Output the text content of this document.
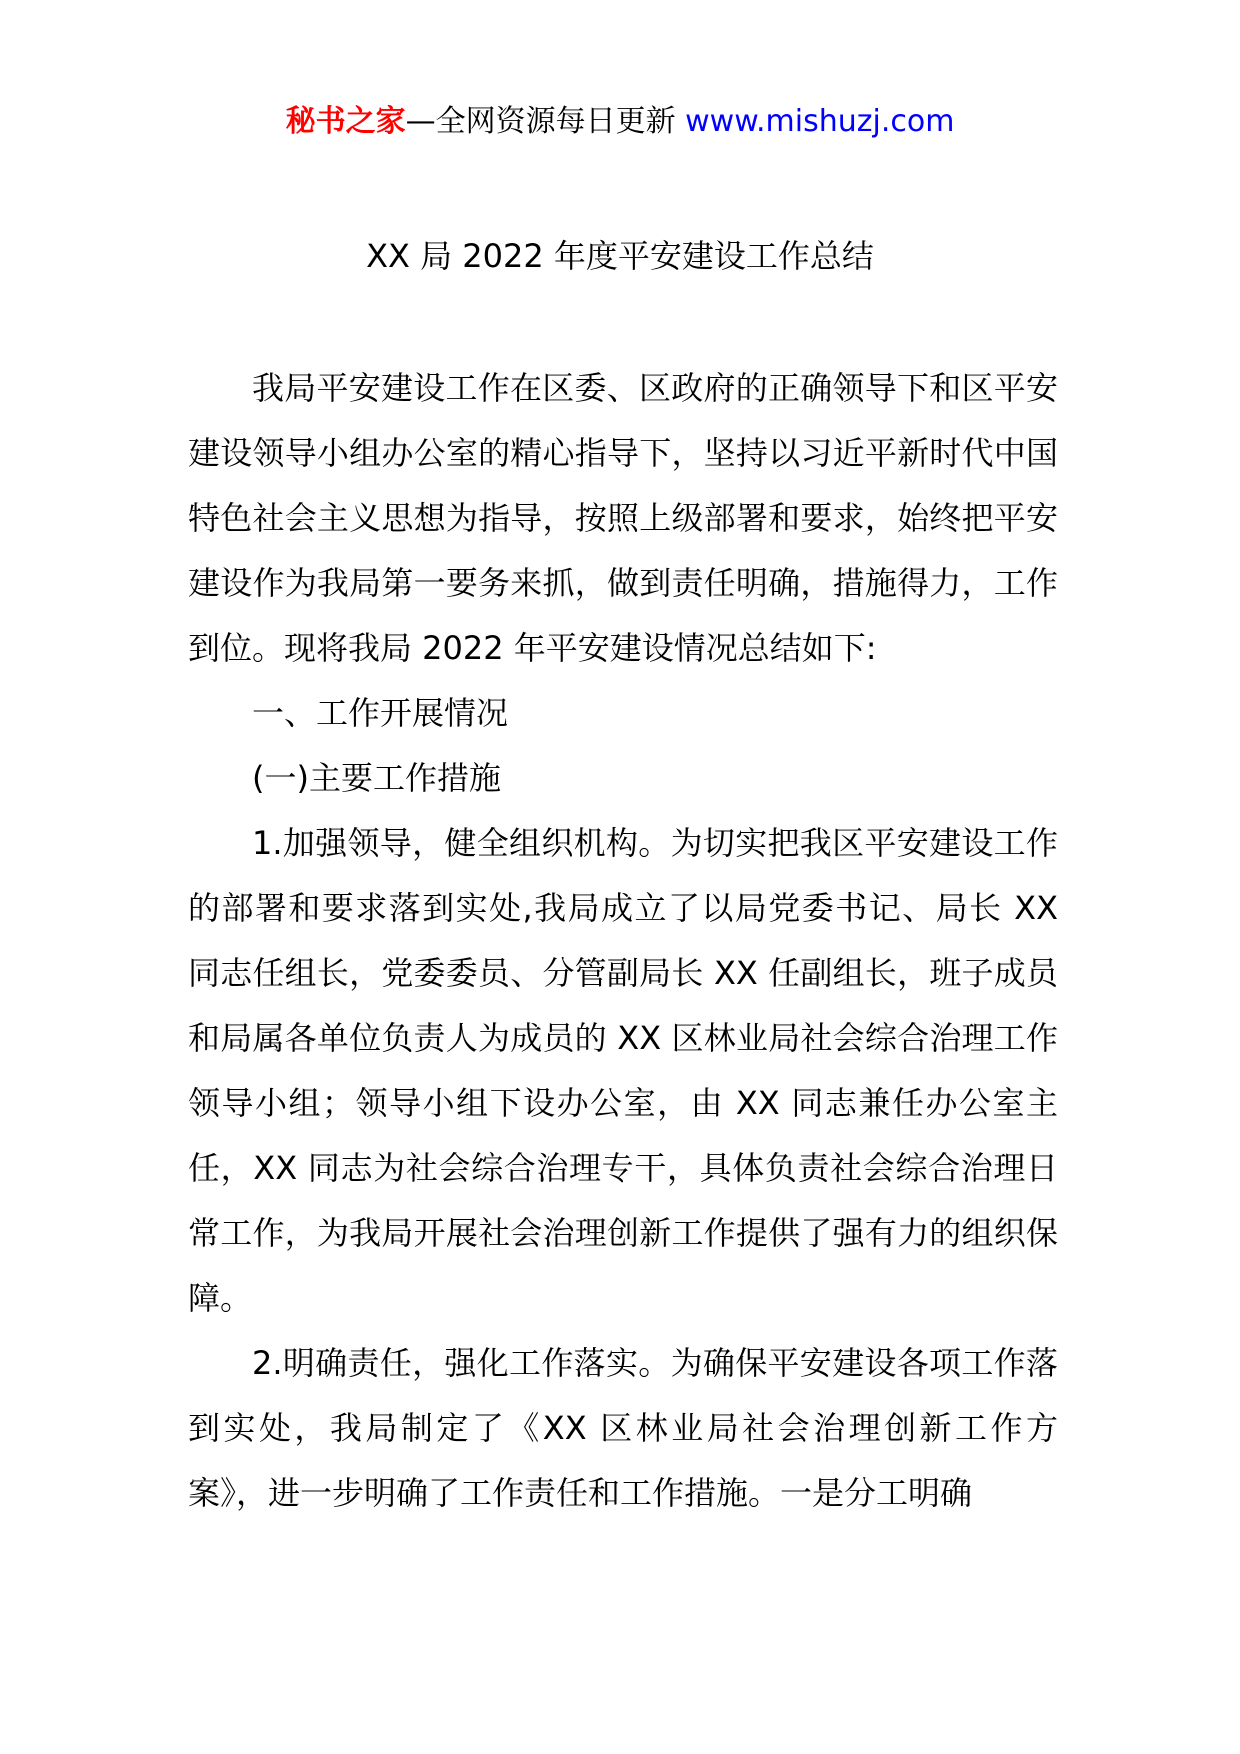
秘书之家—全网资源每日更新 www.mishuzj.com
XX 局 2022 年度平安建设工作总结

我局平安建设工作在区委、区政府的正确领导下和区平安建设领导小组办公室的精心指导下，坚持以习近平新时代中国特色社会主义思想为指导，按照上级部署和要求，始终把平安建设作为我局第一要务来抓，做到责任明确，措施得力，工作到位。现将我局 2022 年平安建设情况总结如下:

一、工作开展情况

(一)主要工作措施

1.加强领导，健全组织机构。为切实把我区平安建设工作的部署和要求落到实处,我局成立了以局党委书记、局长 XX 同志任组长，党委委员、分管副局长 XX 任副组长，班子成员和局属各单位负责人为成员的 XX 区林业局社会综合治理工作领导小组；领导小组下设办公室，由 XX 同志兼任办公室主任，XX 同志为社会综合治理专干，具体负责社会综合治理日常工作，为我局开展社会治理创新工作提供了强有力的组织保障。

2.明确责任，强化工作落实。为确保平安建设各项工作落到实处，我局制定了《XX 区林业局社会治理创新工作方案》，进一步明确了工作责任和工作措施。一是分工明确
